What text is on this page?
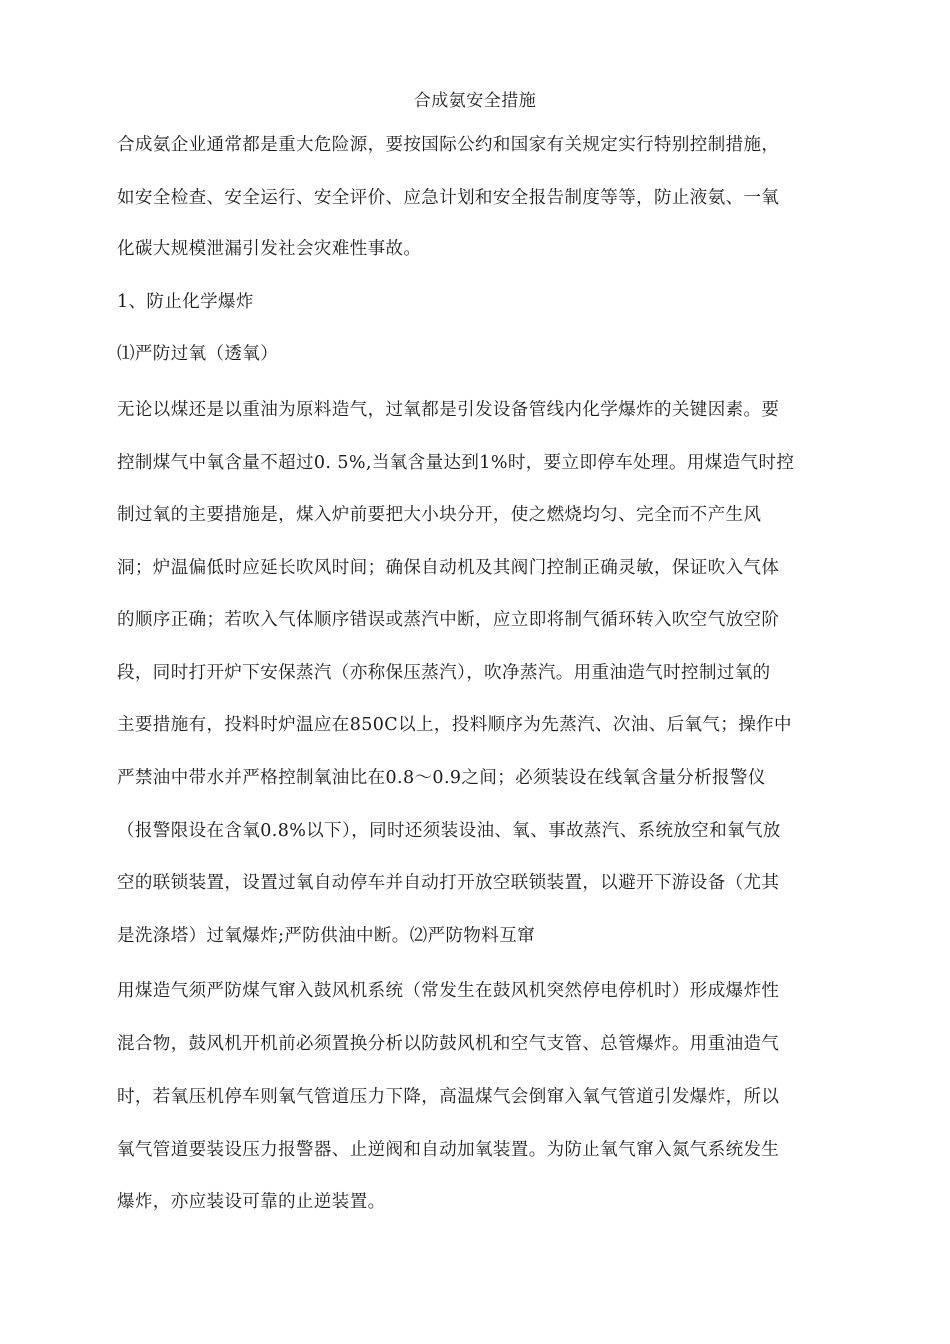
合成氨安全措施
合成氨企业通常都是重大危险源，要按国际公约和国家有关规定实行特别控制措施，
如安全检查、安全运行、安全评价、应急计划和安全报告制度等等，防止液氨、一氧
化碳大规模泄漏引发社会灾难性事故。
1、防止化学爆炸
⑴严防过氧（透氧）
无论以煤还是以重油为原料造气，过氧都是引发设备管线内化学爆炸的关键因素。要
控制煤气中氧含量不超过0. 5%,当氧含量达到1%时，要立即停车处理。用煤造气时控
制过氧的主要措施是，煤入炉前要把大小块分开，使之燃烧均匀、完全而不产生风
洞；炉温偏低时应延长吹风时间；确保自动机及其阀门控制正确灵敏，保证吹入气体
的顺序正确；若吹入气体顺序错误或蒸汽中断，应立即将制气循环转入吹空气放空阶
段，同时打开炉下安保蒸汽（亦称保压蒸汽），吹净蒸汽。用重油造气时控制过氧的
主要措施有，投料时炉温应在850C以上，投料顺序为先蒸汽、次油、后氧气；操作中
严禁油中带水并严格控制氧油比在0.8〜0.9之间；必须装设在线氧含量分析报警仪
（报警限设在含氧0.8%以下），同时还须装设油、氧、事故蒸汽、系统放空和氧气放
空的联锁装置，设置过氧自动停车并自动打开放空联锁装置，以避开下游设备（尤其
是洗涤塔）过氧爆炸;严防供油中断。⑵严防物料互窜
用煤造气须严防煤气窜入鼓风机系统（常发生在鼓风机突然停电停机时）形成爆炸性
混合物，鼓风机开机前必须置换分析以防鼓风机和空气支管、总管爆炸。用重油造气
时，若氧压机停车则氧气管道压力下降，高温煤气会倒窜入氧气管道引发爆炸，所以
氧气管道要装设压力报警器、止逆阀和自动加氧装置。为防止氧气窜入氮气系统发生
爆炸，亦应装设可靠的止逆装置。
